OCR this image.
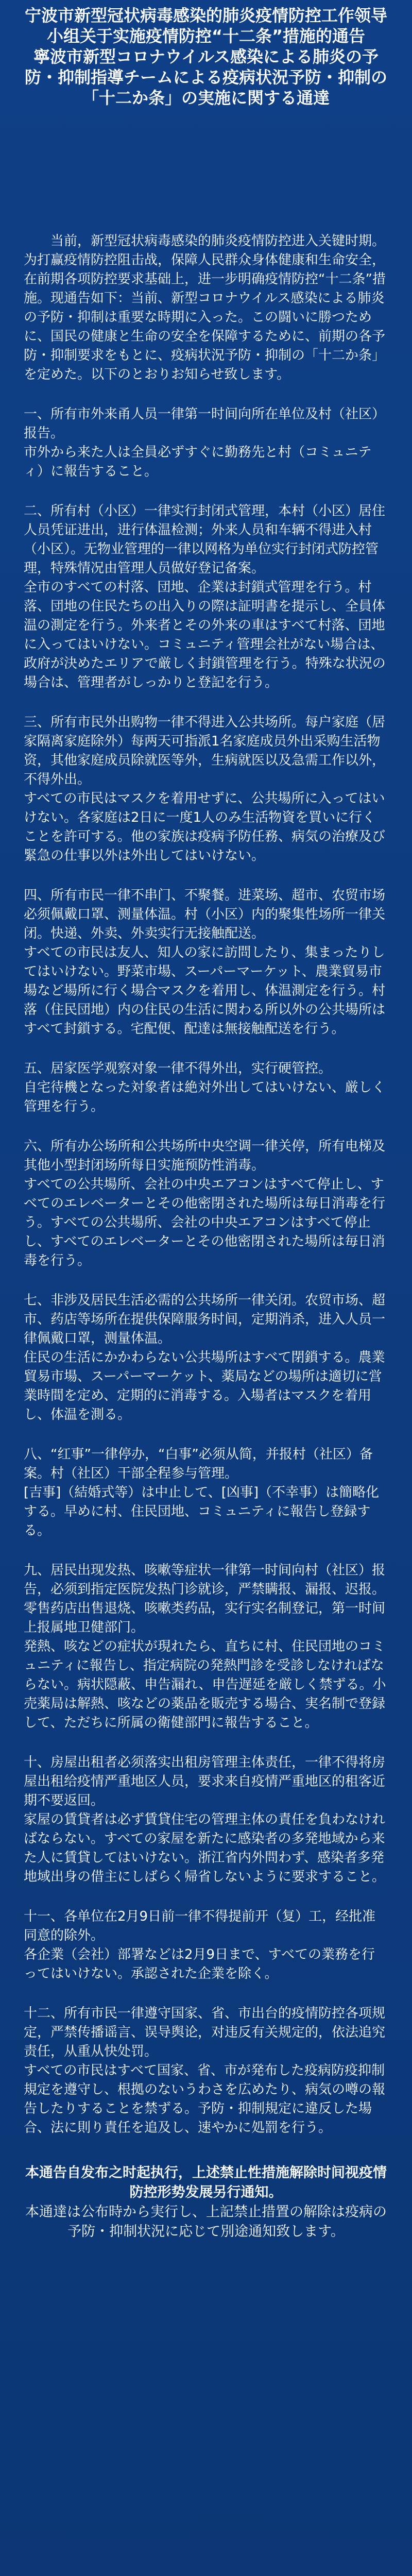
宁波市新型冠状病毒感染的肺炎疫情防控工作领导小组关于实施疫情防控“十二条”措施的通告
寧波市新型コロナウイルス感染による肺炎の予防・抑制指導チームによる疫病状況予防・抑制の「十二か条」の実施に関する通達
当前，新型冠状病毒感染的肺炎疫情防控进入关键时期。为打赢疫情防控阻击战，保障人民群众身体健康和生命安全，在前期各项防控要求基础上，进一步明确疫情防控“十二条”措施。现通告如下：当前、新型コロナウイルス感染による肺炎の予防・抑制は重要な時期に入った。この闘いに勝つために、国民の健康と生命の安全を保障するために、前期の各予防・抑制要求をもとに、疫病状況予防・抑制の「十二か条」を定めた。以下のとおりお知らせ致します。

一、所有市外来甬人员一律第一时间向所在单位及村（社区）报告。

市外から来た人は全員必ずすぐに勤務先と村（コミュニティ）に報告すること。

二、所有村（小区）一律实行封闭式管理，本村（小区）居住人员凭证进出，进行体温检测；外来人员和车辆不得进入村（小区）。无物业管理的一律以网格为单位实行封闭式防控管理，特殊情况由管理人员做好登记备案。

全市のすべての村落、団地、企業は封鎖式管理を行う。村落、団地の住民たちの出入りの際は証明書を提示し、全員体温の測定を行う。外来者とその外来の車はすべて村落、団地に入ってはいけない。コミュニティ管理会社がない場合は、政府が決めたエリアで厳しく封鎖管理を行う。特殊な状況の場合は、管理者がしっかりと登記を行う。

三、所有市民外出购物一律不得进入公共场所。每户家庭（居家隔离家庭除外）每两天可指派1名家庭成员外出采购生活物资，其他家庭成员除就医等外，生病就医以及急需工作以外，不得外出。

すべての市民はマスクを着用せずに、公共場所に入ってはいけない。各家庭は2日に一度1人のみ生活物資を買いに行くことを許可する。他の家族は疫病予防任務、病気の治療及び緊急の仕事以外は外出してはいけない。

四、所有市民一律不串门、不聚餐。进菜场、超市、农贸市场必须佩戴口罩、测量体温。村（小区）内的聚集性场所一律关闭。快递、外卖、外卖实行无接触配送。

すべての市民は友人、知人の家に訪問したり、集まったりしてはいけない。野菜市場、スーパーマーケット、農業貿易市場など場所に行く場合マスクを着用し、体温測定を行う。村落（住民団地）内の住民の生活に関わる所以外の公共場所はすべて封鎖する。宅配便、配達は無接触配送を行う。

五、居家医学观察对象一律不得外出，实行硬管控。

自宅待機となった対象者は絶対外出してはいけない、厳しく管理を行う。

六、所有办公场所和公共场所中央空调一律关停，所有电梯及其他小型封闭场所每日实施预防性消毒。

すべての公共場所、会社の中央エアコンはすべて停止し、すべてのエレベーターとその他密閉された場所は毎日消毒を行う。すべての公共場所、会社の中央エアコンはすべて停止し、すべてのエレベーターとその他密閉された場所は毎日消毒を行う。

七、非涉及居民生活必需的公共场所一律关闭。农贸市场、超市、药店等场所在提供保障服务时间，定期消杀，进入人员一律佩戴口罩，测量体温。

住民の生活にかかわらない公共場所はすべて閉鎖する。農業貿易市場、スーパーマーケット、薬局などの場所は適切に営業時間を定め、定期的に消毒する。入場者はマスクを着用し、体温を測る。

八、“红事”一律停办，“白事”必须从简，并报村（社区）备案。村（社区）干部全程参与管理。

[吉事]（結婚式等）は中止して、[凶事]（不幸事）は簡略化する。早めに村、住民団地、コミュニティに報告し登録する。

九、居民出现发热、咳嗽等症状一律第一时间向村（社区）报告，必须到指定医院发热门诊就诊，严禁瞒报、漏报、迟报。零售药店出售退烧、咳嗽类药品，实行实名制登记，第一时间上报属地卫健部门。

発熱、咳などの症状が現れたら、直ちに村、住民団地のコミュニティに報告し、指定病院の発熱門診を受診しなければならない。病状隠蔽、申告漏れ、申告遅延を厳しく禁ずる。小売薬局は解熱、咳などの薬品を販売する場合、実名制で登録して、ただちに所属の衛健部門に報告すること。

十、房屋出租者必须落实出租房管理主体责任，一律不得将房屋出租给疫情严重地区人员，要求来自疫情严重地区的租客近期不要返回。

家屋の賃貸者は必ず賃貸住宅の管理主体の責任を負わなければならない。すべての家屋を新たに感染者の多発地域から来た人に賃貸してはいけない。浙江省内外問わず、感染者多発地域出身の借主にしばらく帰省しないように要求すること。

十一、各单位在2月9日前一律不得提前开（复）工，经批准同意的除外。

各企業（会社）部署などは2月9日まで、すべての業務を行ってはいけない。承認された企業を除く。

十二、所有市民一律遵守国家、省、市出台的疫情防控各项规定，严禁传播谣言、误导舆论，对违反有关规定的，依法追究责任，从重从快处罚。

すべての市民はすべて国家、省、市が発布した疫病防疫抑制規定を遵守し、根拠のないうわさを広めたり、病気の噂の報告したりすることを禁ずる。予防・抑制規定に違反した場合、法に則り責任を追及し、速やかに処罰を行う。

本通告自发布之时起执行，上述禁止性措施解除时间视疫情防控形势发展另行通知。
本通達は公布時から実行し、上記禁止措置の解除は疫病の予防・抑制状況に応じて別途通知致します。
